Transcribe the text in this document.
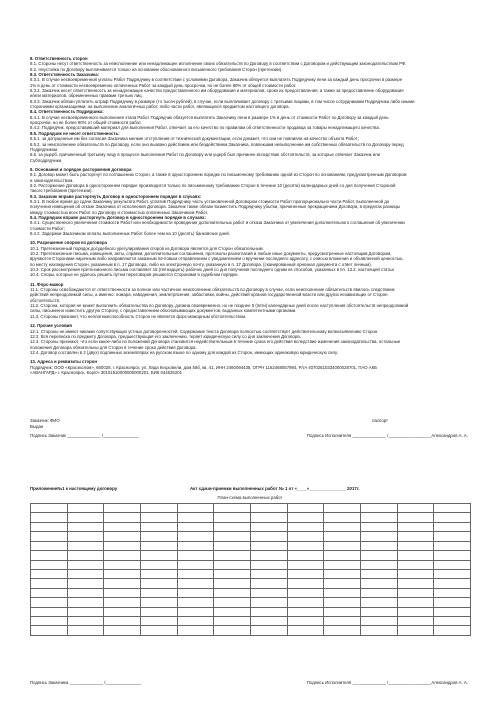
8. Ответственность сторон

8.1. Стороны несут ответственность за неисполнение или ненадлежащее исполнение своих обязательств по Договору в соответствии с Договором и действующим законодательством РФ.

8.2. Неустойка по Договору выплачивается только на основании обоснованного письменного требования Сторон (претензии).

8.3. Ответственность Заказчика:

8.3.1. В случае несвоевременной уплаты Работ Подрядчику в соответствии с условиями Договора, Заказчик обязуется выплатить Подрядчику пени за каждый день просрочки в размере

1% в день от стоимости несвоевременно оплаченных Работ за каждый день просрочки, но не более 80% от общей стоимости работ.

8.3.2. Заказчик несет ответственность за ненадлежащее качество предоставленного им оборудования и материалов, сроки их предоставления, а также за предоставление оборудования

и/или материалов, обремененных правами третьих лиц.

8.3.3. Заказчик обязан уплатить штраф Подрядчику в размере (то тысяч рублей), в случае, если выплачивает договору с третьими лицами, в том числе сотрудниками Подрядчика либо иными

сторонними организациями, на выполнение аналогичных работ, либо части работ, являющихся предметом настоящего договора.

8.4. Ответственность Подрядчика:

8.4.1. В случае несвоевременного выполнения этапа Работ Подрядчик обязуется выплатить Заказчику пени в размере 1% в день от стоимости Работ по Договору за каждый день

просрочки, но не более 80% от общей стоимости работ.

8.4.2. Подрядчик, предоставивший материал для выполнения Работ, отвечает за его качество по правилам об ответственности продавца за товары ненадлежащего качества.

8.5. Подрядчик не несет ответственность:

8.5.1. за допущенные им без согласия Заказчика мелкие отступления от технической документации, если докажет, что они не повлияли на качество объекта Работ;

8.5.2. за неисполнение обязательств по Договору, если оно вызвано действием или бездействием Заказчика, повлекшим невыполнение им собственных обязательств по Договору перед

Подрядчиком.

8.6. за ущерб, причиненный третьему лицу в процессе выполнения Работ по Договору или ущерб был причинен вследствие обстоятельств, за которые отвечает Заказчик или

Субподрядчики.

9. Основания и порядок расторжения договора

9.1. Договор может быть расторгнут по соглашению Сторон, а также в одностороннем порядке по письменному требованию одной из Сторон по основаниям, предусмотренным Договором

и законодательством.

9.2. Расторжение Договора в одностороннем порядке производится только по письменному требованию Сторон в течение 10 (десяти) календарных дней со дня получения Стороной

такого требования (претензии).

9.3. Заказчик вправе расторгнуть Договор в одностороннем порядке в случаях:

9.3.1. В любое время до сдачи Заказчику результата Работ, уплатив Подрядчику часть установленной Договором стоимости Работ пропорционально части Работ, выполненной до

получения извещения об отказе Заказчика от исполнения Договора. Заказчик также обязан возместить Подрядчику убытки, причиненные прекращением Договора, в пределах разницы

между стоимостью всех Работ по Договору и стоимостью оплаченных Заказчиком Работ.

9.4. Подрядчик вправе расторгнуть Договор в одностороннем порядке в случаях:

9.4.1. Существенного увеличения стоимости Работ или необходимости проведения дополнительных работ и отказа Заказчика от увеличения дополнительного соглашения об увеличении

стоимости Работ;

9.4.2. Задержки Заказчиком оплаты выполненных Работ более чем на 10 (десять) банковских дней.

10. Разрешение споров из договора

10.1. Претензионный порядок досудебного урегулирования споров из Договора является для Сторон обязательным.

10.2. Претензионные письма, извещения, акты, справки, дополнительные соглашения, протоколы разногласий и любые иные документы, предусмотренные настоящим Договором,

вручаются Сторонами нарочным либо направляются заказным почтовым отправлением с уведомлением о вручении последнего адресату, с описью вложения и объявленной ценностью,

по месту нахождения Сторон, указанным в п. 17 Договора, либо на электронную почту, указанную в п. 17 Договора, (сканированный оригинал документа с ответ личным).

10.3. Срок рассмотрения претензионного письма составляет 15 (пятнадцать) рабочих дней со дня получения последнего одним из способов, указанных в пп. 13.2. настоящей статьи

10.4. Споры, которые не удалось решить путем переговоров решаются Сторонами в судебном порядке.

11. Форс-мажор

11.1. Стороны освобождаются от ответственности за полное или частичное неисполнение обязательств по Договору в случае, если неисполнение обязательств явилось следствием

действий непреодолимой силы, а именно: пожара, наводнения, землетрясения, забастовки, войны, действий органов государственной власти или других независящих от Сторон

обстоятельств.

11.2. Сторона, которая не может выполнить обязательства по Договору, должна своевременно, но не позднее 5 (пяти) календарных дней после наступления обстоятельств непреодолимой

силы, письменно известить другую Сторону, с предоставлением обосновывающих документов, выданных компетентными органами.

11.3. Стороны признают, что неплатежеспособность Сторон не является форс-мажорным обстоятельством.

12. Прочие условия

12.1. Стороны не имеют никаких сопутствующих устных договоренностей. Содержание текста Договора полностью соответствует действительному волеизъявлению Сторон.

12.2. Вся переписка по предмету Договора, предшествующая его заключению, теряет юридическую силу со дня заключения Договора.

12.3. Стороны признают, что если какое-либо из положений Договора становится недействительным в течение срока его действия вследствие изменения законодательства, остальные

положения Договора обязательны для Сторон в течение срока действия Договора.

12.4. Договор составлен в 2 (двух) подлинных экземплярах на русском языке по одному для каждой из Сторон, имеющих одинаковую юридическую силу.

13. Адреса и реквизиты сторон

Подрядчик: ООО «Красэколом», 660028, г. Красноярск, ул. Лада Кецховели, дом 58б, кв. 41, ИНН 2460094435, ОГРН 1162468057984, Р/сч 40702810334000028701, ПАО АКБ

«АВАНГАРД» г. Красноярск, Кор/сч 30101810000000000201, БИК 044525201

Заказчик: ФИО	паспорт
Выдан
Подпись Заказчик ______________ /_______________	Подпись Исполнителя ______________ /__________________Александров А. А.
Приложение№1 к настоящему договору	Акт сдачи-приемки выполненных работ № 1 от «____»_______________ 2017г.
План-схема выполненных работ

Подпись Заказчика ______________ /_______________	Подпись Исполнителя ______________ /__________________Александров А. А.
